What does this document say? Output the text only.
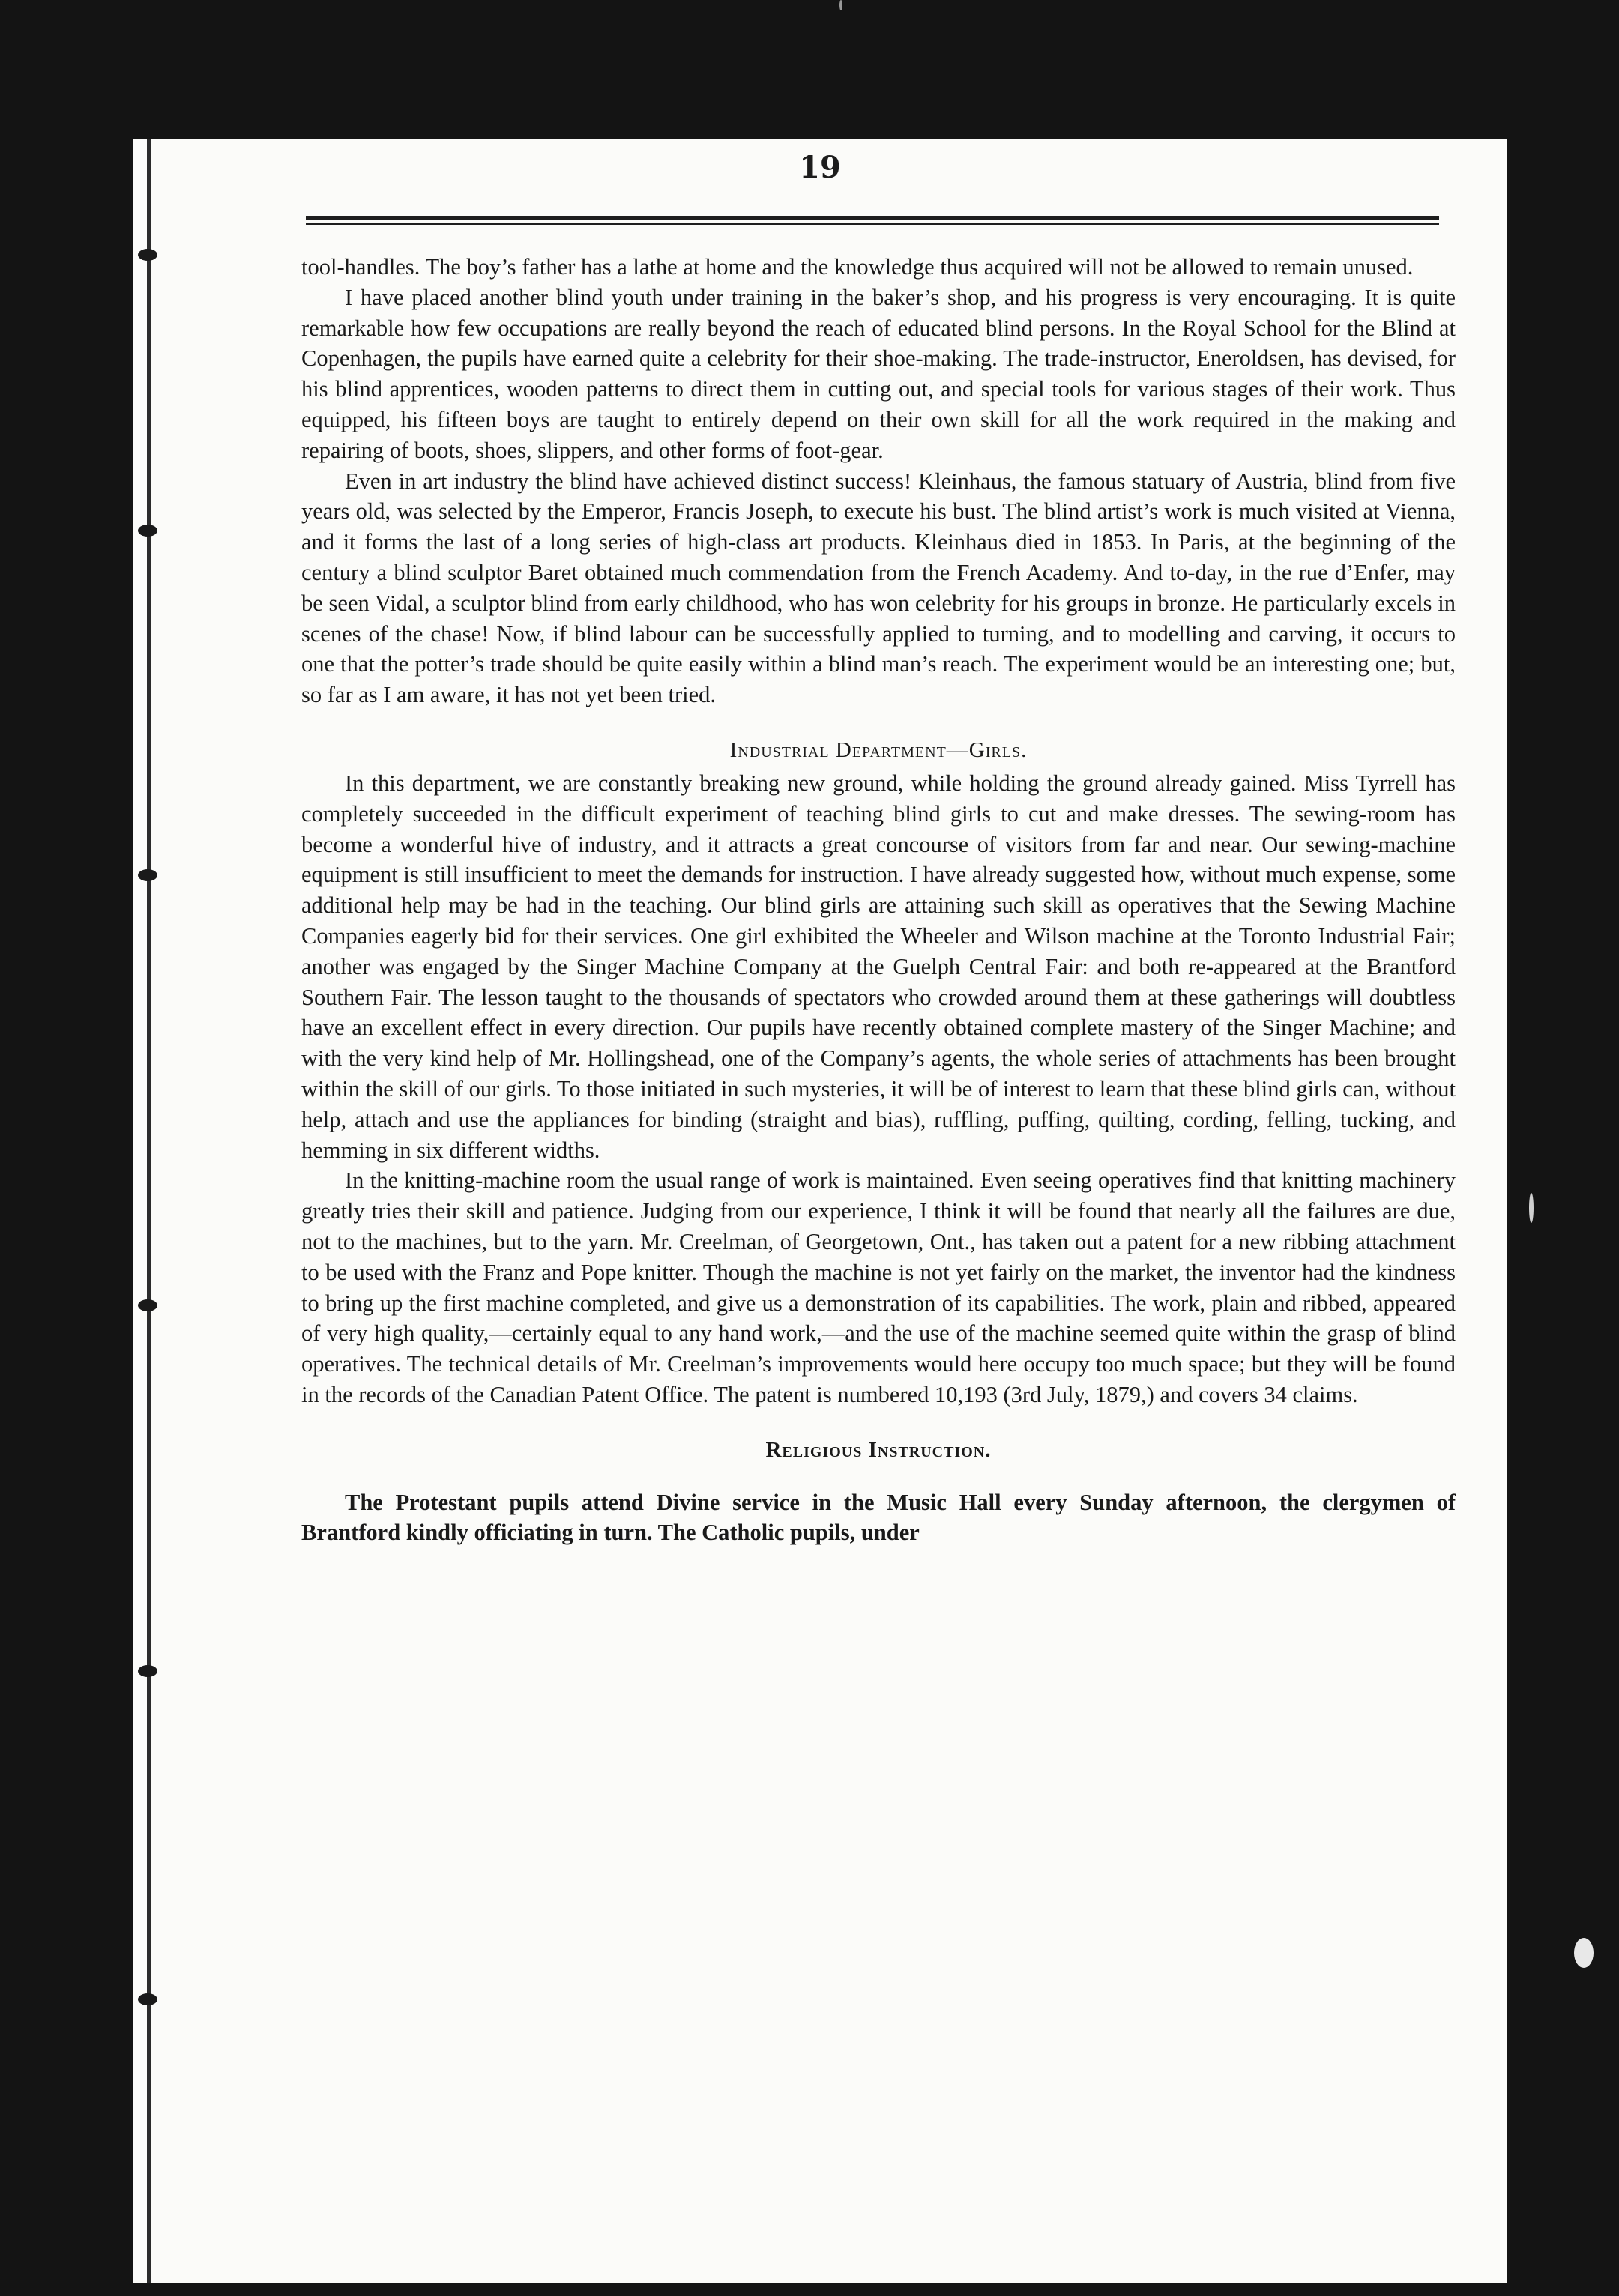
19

tool-handles. The boy’s father has a lathe at home and the knowledge thus acquired will not be allowed to remain unused.

I have placed another blind youth under training in the baker’s shop, and his progress is very encouraging. It is quite remarkable how few occupations are really beyond the reach of educated blind persons. In the Royal School for the Blind at Copenhagen, the pupils have earned quite a celebrity for their shoe-making. The trade-instructor, Eneroldsen, has devised, for his blind apprentices, wooden patterns to direct them in cutting out, and special tools for various stages of their work. Thus equipped, his fifteen boys are taught to entirely depend on their own skill for all the work required in the making and repairing of boots, shoes, slippers, and other forms of foot-gear.

Even in art industry the blind have achieved distinct success! Kleinhaus, the famous statuary of Austria, blind from five years old, was selected by the Emperor, Francis Joseph, to execute his bust. The blind artist’s work is much visited at Vienna, and it forms the last of a long series of high-class art products. Kleinhaus died in 1853. In Paris, at the beginning of the century a blind sculptor Baret obtained much commendation from the French Academy. And to-day, in the rue d’Enfer, may be seen Vidal, a sculptor blind from early childhood, who has won celebrity for his groups in bronze. He particularly excels in scenes of the chase! Now, if blind labour can be successfully applied to turning, and to modelling and carving, it occurs to one that the potter’s trade should be quite easily within a blind man’s reach. The experiment would be an interesting one; but, so far as I am aware, it has not yet been tried.

Industrial Department—Girls.

In this department, we are constantly breaking new ground, while holding the ground already gained. Miss Tyrrell has completely succeeded in the difficult experiment of teaching blind girls to cut and make dresses. The sewing-room has become a wonderful hive of industry, and it attracts a great concourse of visitors from far and near. Our sewing-machine equipment is still insufficient to meet the demands for instruction. I have already suggested how, without much expense, some additional help may be had in the teaching. Our blind girls are attaining such skill as operatives that the Sewing Machine Companies eagerly bid for their services. One girl exhibited the Wheeler and Wilson machine at the Toronto Industrial Fair; another was engaged by the Singer Machine Company at the Guelph Central Fair: and both re-appeared at the Brantford Southern Fair. The lesson taught to the thousands of spectators who crowded around them at these gatherings will doubtless have an excellent effect in every direction. Our pupils have recently obtained complete mastery of the Singer Machine; and with the very kind help of Mr. Hollingshead, one of the Company’s agents, the whole series of attachments has been brought within the skill of our girls. To those initiated in such mysteries, it will be of interest to learn that these blind girls can, without help, attach and use the appliances for binding (straight and bias), ruffling, puffing, quilting, cording, felling, tucking, and hemming in six different widths.

In the knitting-machine room the usual range of work is maintained. Even seeing operatives find that knitting machinery greatly tries their skill and patience. Judging from our experience, I think it will be found that nearly all the failures are due, not to the machines, but to the yarn. Mr. Creelman, of Georgetown, Ont., has taken out a patent for a new ribbing attachment to be used with the Franz and Pope knitter. Though the machine is not yet fairly on the market, the inventor had the kindness to bring up the first machine completed, and give us a demonstration of its capabilities. The work, plain and ribbed, appeared of very high quality,—certainly equal to any hand work,—and the use of the machine seemed quite within the grasp of blind operatives. The technical details of Mr. Creelman’s improvements would here occupy too much space; but they will be found in the records of the Canadian Patent Office. The patent is numbered 10,193 (3rd July, 1879,) and covers 34 claims.

Religious Instruction.

The Protestant pupils attend Divine service in the Music Hall every Sunday afternoon, the clergymen of Brantford kindly officiating in turn. The Catholic pupils, under
